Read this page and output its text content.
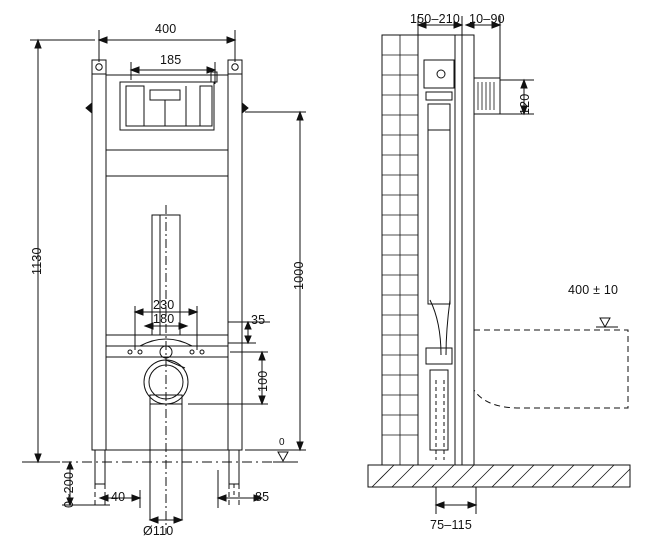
400
185
1130
1000
230
180	35
100
0~200	40	85
Ø110
0
150–210 10–90
120
400 ± 10
75–115
